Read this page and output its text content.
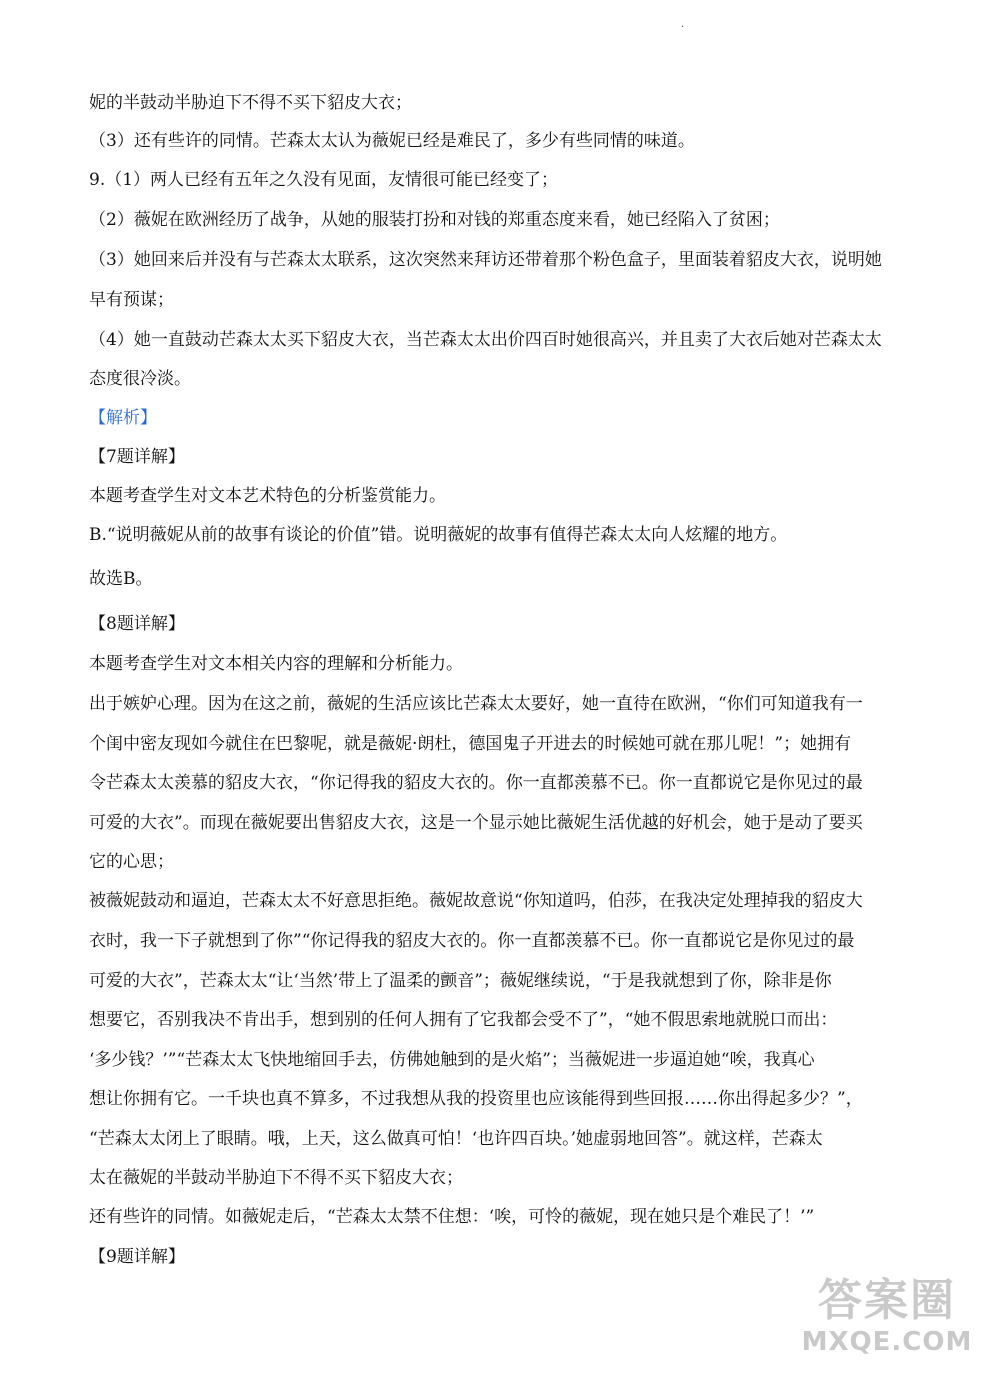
·
妮的半鼓动半胁迫下不得不买下貂皮大衣；
（3）还有些许的同情。芒森太太认为薇妮已经是难民了，多少有些同情的味道。
9.（1）两人已经有五年之久没有见面，友情很可能已经变了；
（2）薇妮在欧洲经历了战争，从她的服装打扮和对钱的郑重态度来看，她已经陷入了贫困；
（3）她回来后并没有与芒森太太联系，这次突然来拜访还带着那个粉色盒子，里面装着貂皮大衣，说明她
早有预谋；
（4）她一直鼓动芒森太太买下貂皮大衣，当芒森太太出价四百时她很高兴，并且卖了大衣后她对芒森太太
态度很冷淡。
【解析】
【7题详解】
本题考查学生对文本艺术特色的分析鉴赏能力。
B.“说明薇妮从前的故事有谈论的价值”错。说明薇妮的故事有值得芒森太太向人炫耀的地方。
故选B。
【8题详解】
本题考查学生对文本相关内容的理解和分析能力。
出于嫉妒心理。因为在这之前，薇妮的生活应该比芒森太太要好，她一直待在欧洲，“你们可知道我有一
个闺中密友现如今就住在巴黎呢，就是薇妮·朗杜，德国鬼子开进去的时候她可就在那儿呢！”；她拥有
令芒森太太羡慕的貂皮大衣，“你记得我的貂皮大衣的。你一直都羡慕不已。你一直都说它是你见过的最
可爱的大衣”。而现在薇妮要出售貂皮大衣，这是一个显示她比薇妮生活优越的好机会，她于是动了要买
它的心思；
被薇妮鼓动和逼迫，芒森太太不好意思拒绝。薇妮故意说“你知道吗，伯莎，在我决定处理掉我的貂皮大
衣时，我一下子就想到了你”“你记得我的貂皮大衣的。你一直都羡慕不已。你一直都说它是你见过的最
可爱的大衣”，芒森太太“让‘当然’带上了温柔的颤音”；薇妮继续说，“于是我就想到了你，除非是你
想要它，否别我决不肯出手，想到别的任何人拥有了它我都会受不了”，“她不假思索地就脱口而出：
‘多少钱？’”“芒森太太飞快地缩回手去，仿佛她触到的是火焰”；当薇妮进一步逼迫她“唉，我真心
想让你拥有它。一千块也真不算多，不过我想从我的投资里也应该能得到些回报……你出得起多少？”，
“芒森太太闭上了眼睛。哦，上天，这么做真可怕！‘也许四百块。’她虚弱地回答”。就这样，芒森太
太在薇妮的半鼓动半胁迫下不得不买下貂皮大衣；
还有些许的同情。如薇妮走后，“芒森太太禁不住想：‘唉，可怜的薇妮，现在她只是个难民了！’”
【9题详解】
答案圈
MXQE.COM
